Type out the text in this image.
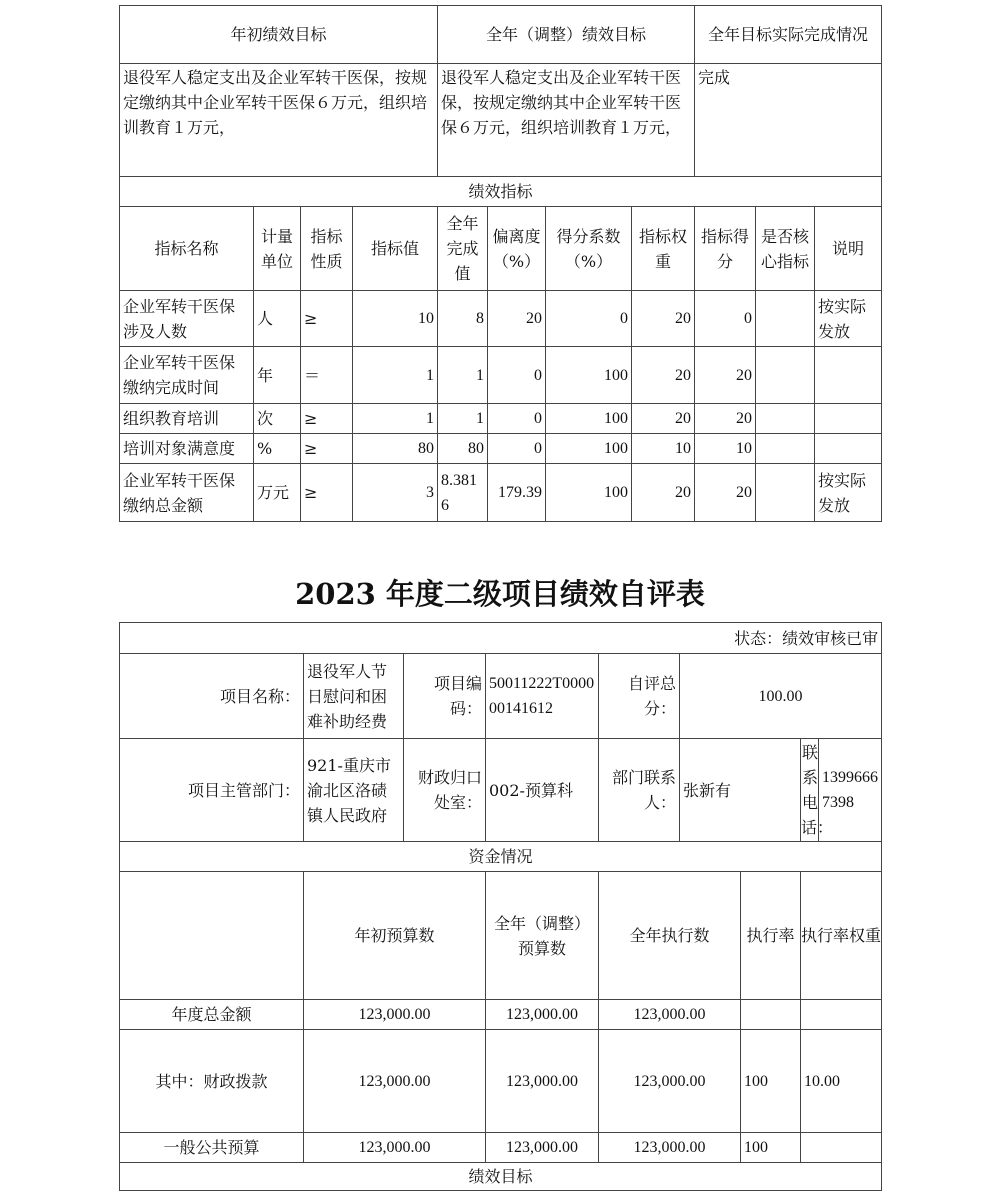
年初绩效目标				全年（调整）绩效目标				全年目标实际完成情况		
退役军人稳定支出及企业军转干医保，按规定缴纳其中企业军转干医保６万元，组织培训教育１万元，				退役军人稳定支出及企业军转干医保，按规定缴纳其中企业军转干医保６万元，组织培训教育１万元，				完成		
绩效指标										
指标名称	计量单位	指标性质	指标值	全年完成值	偏离度（%）	得分系数（%）	指标权重	指标得分	是否核心指标	说明
企业军转干医保涉及人数	人	≥	10	8	20	0	20	0		按实际发放
企业军转干医保缴纳完成时间	年	＝	1	1	0	100	20	20		
组织教育培训	次	≥	1	1	0	100	20	20		
培训对象满意度	%	≥	80	80	0	100	10	10		
企业军转干医保缴纳总金额	万元	≥	3	8.3816	179.39	100	20	20		按实际发放
2023 年度二级项目绩效自评表
状态：绩效审核已审									
项目名称：	退役军人节日慰问和困难补助经费	项目编码：	50011222T000000141612	自评总分：	100.00				
项目主管部门：	921-重庆市渝北区洛碛镇人民政府	财政归口处室：	002-预算科	部门联系人：	张新有		联系电话：	13996667398	
资金情况									
	年初预算数		全年（调整）预算数	全年执行数		执行率	执行率权重	
年度总金额	123,000.00		123,000.00	123,000.00					
其中：财政拨款	123,000.00		123,000.00	123,000.00		100	10.00	
一般公共预算	123,000.00		123,000.00	123,000.00		100			
绩效目标									
